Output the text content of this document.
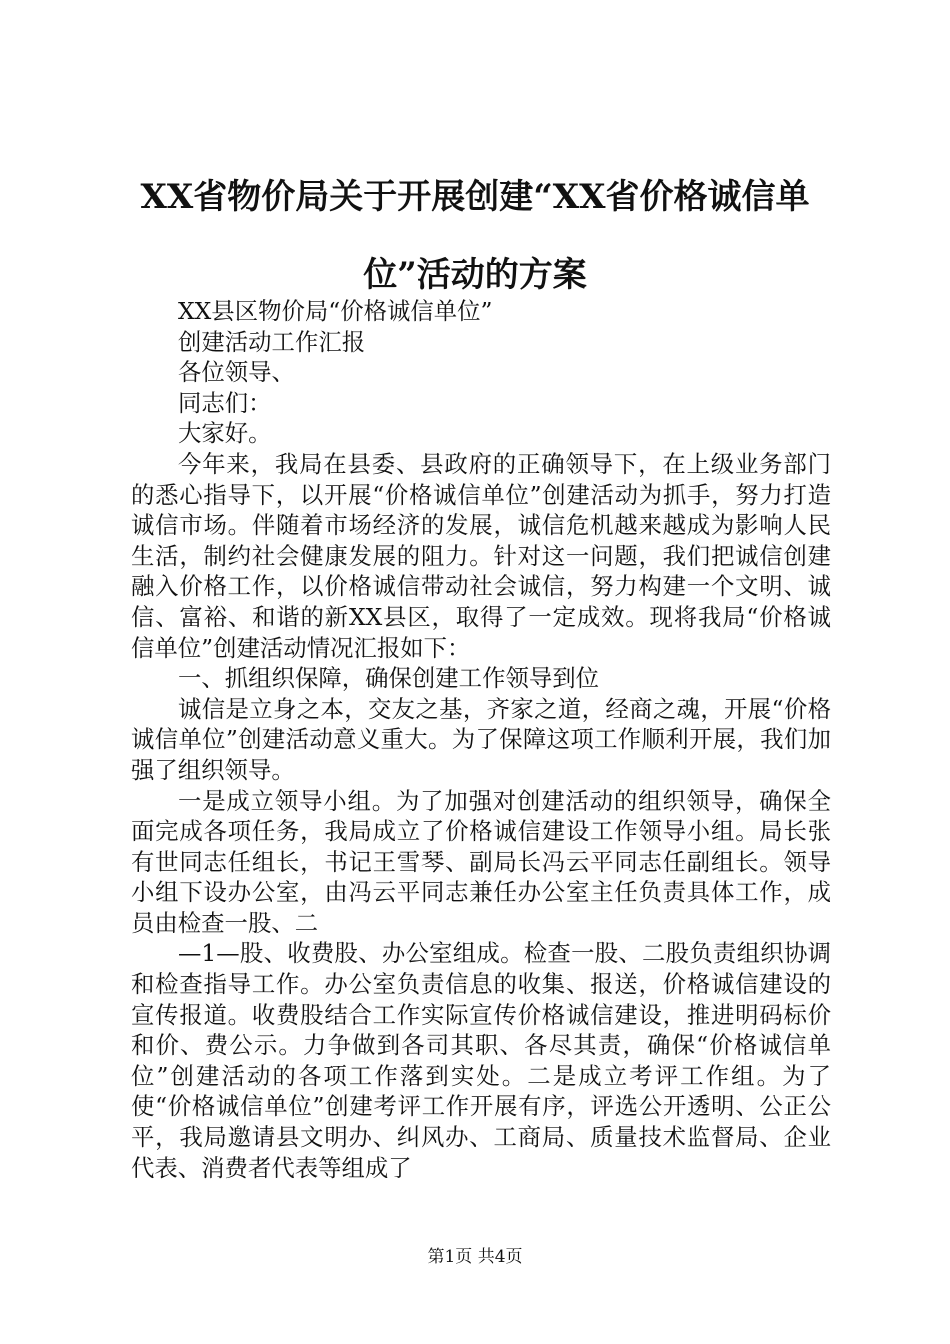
XX省物价局关于开展创建“XX省价格诚信单位”活动的方案

XX县区物价局“价格诚信单位”

创建活动工作汇报

各位领导、

同志们：

大家好。

今年来，我局在县委、县政府的正确领导下，在上级业务部门的悉心指导下，以开展“价格诚信单位”创建活动为抓手，努力打造诚信市场。伴随着市场经济的发展，诚信危机越来越成为影响人民生活，制约社会健康发展的阻力。针对这一问题，我们把诚信创建融入价格工作，以价格诚信带动社会诚信，努力构建一个文明、诚信、富裕、和谐的新XX县区，取得了一定成效。现将我局“价格诚信单位”创建活动情况汇报如下：

一、抓组织保障，确保创建工作领导到位

诚信是立身之本，交友之基，齐家之道，经商之魂，开展“价格诚信单位”创建活动意义重大。为了保障这项工作顺利开展，我们加强了组织领导。

一是成立领导小组。为了加强对创建活动的组织领导，确保全面完成各项任务，我局成立了价格诚信建设工作领导小组。局长张有世同志任组长，书记王雪琴、副局长冯云平同志任副组长。领导小组下设办公室，由冯云平同志兼任办公室主任负责具体工作，成员由检查一股、二

—1—股、收费股、办公室组成。检查一股、二股负责组织协调和检查指导工作。办公室负责信息的收集、报送，价格诚信建设的宣传报道。收费股结合工作实际宣传价格诚信建设，推进明码标价和价、费公示。力争做到各司其职、各尽其责，确保“价格诚信单位”创建活动的各项工作落到实处。二是成立考评工作组。为了使“价格诚信单位”创建考评工作开展有序，评选公开透明、公正公平，我局邀请县文明办、纠风办、工商局、质量技术监督局、企业代表、消费者代表等组成了

第1页 共4页
